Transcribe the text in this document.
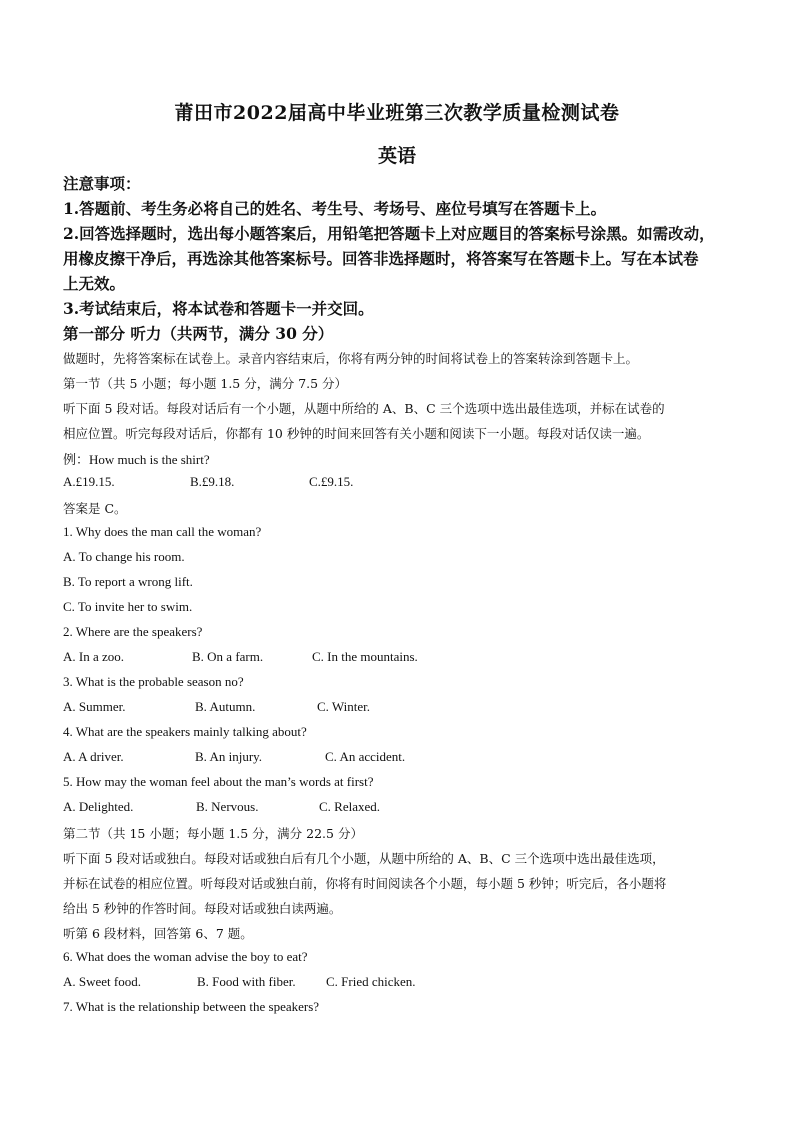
莆田市2022届高中毕业班第三次教学质量检测试卷
英语
注意事项：
1.答题前、考生务必将自己的姓名、考生号、考场号、座位号填写在答题卡上。
2.回答选择题时，选出每小题答案后，用铅笔把答题卡上对应题目的答案标号涂黑。如需改动，
用橡皮擦干净后，再选涂其他答案标号。回答非选择题时，将答案写在答题卡上。写在本试卷
上无效。
3.考试结束后，将本试卷和答题卡一并交回。
第一部分 听力（共两节，满分 30 分）
做题时，先将答案标在试卷上。录音内容结束后，你将有两分钟的时间将试卷上的答案转涂到答题卡上。
第一节（共 5 小题；每小题 1.5 分，满分 7.5 分）
听下面 5 段对话。每段对话后有一个小题，从题中所给的 A、B、C 三个选项中选出最佳选项，并标在试卷的
相应位置。听完每段对话后，你都有 10 秒钟的时间来回答有关小题和阅读下一小题。每段对话仅读一遍。
例：How much is the shirt?
A.£19.15.	B.£9.18.	C.£9.15.
答案是 C。
1. Why does the man call the woman?
A. To change his room.
B. To report a wrong lift.
C. To invite her to swim.
2. Where are the speakers?
A. In a zoo.	B. On a farm.	C. In the mountains.
3. What is the probable season no?
A. Summer.	B. Autumn.	C. Winter.
4. What are the speakers mainly talking about?
A. A driver.	B. An injury.	C. An accident.
5. How may the woman feel about the man’s words at first?
A. Delighted.	B. Nervous.	C. Relaxed.
第二节（共 15 小题；每小题 1.5 分，满分 22.5 分）
听下面 5 段对话或独白。每段对话或独白后有几个小题，从题中所给的 A、B、C 三个选项中选出最佳选项，
并标在试卷的相应位置。听每段对话或独白前，你将有时间阅读各个小题，每小题 5 秒钟；听完后，各小题将
给出 5 秒钟的作答时间。每段对话或独白读两遍。
听第 6 段材料，回答第 6、7 题。
6. What does the woman advise the boy to eat?
A. Sweet food.	B. Food with fiber. C. Fried chicken.
7. What is the relationship between the speakers?
